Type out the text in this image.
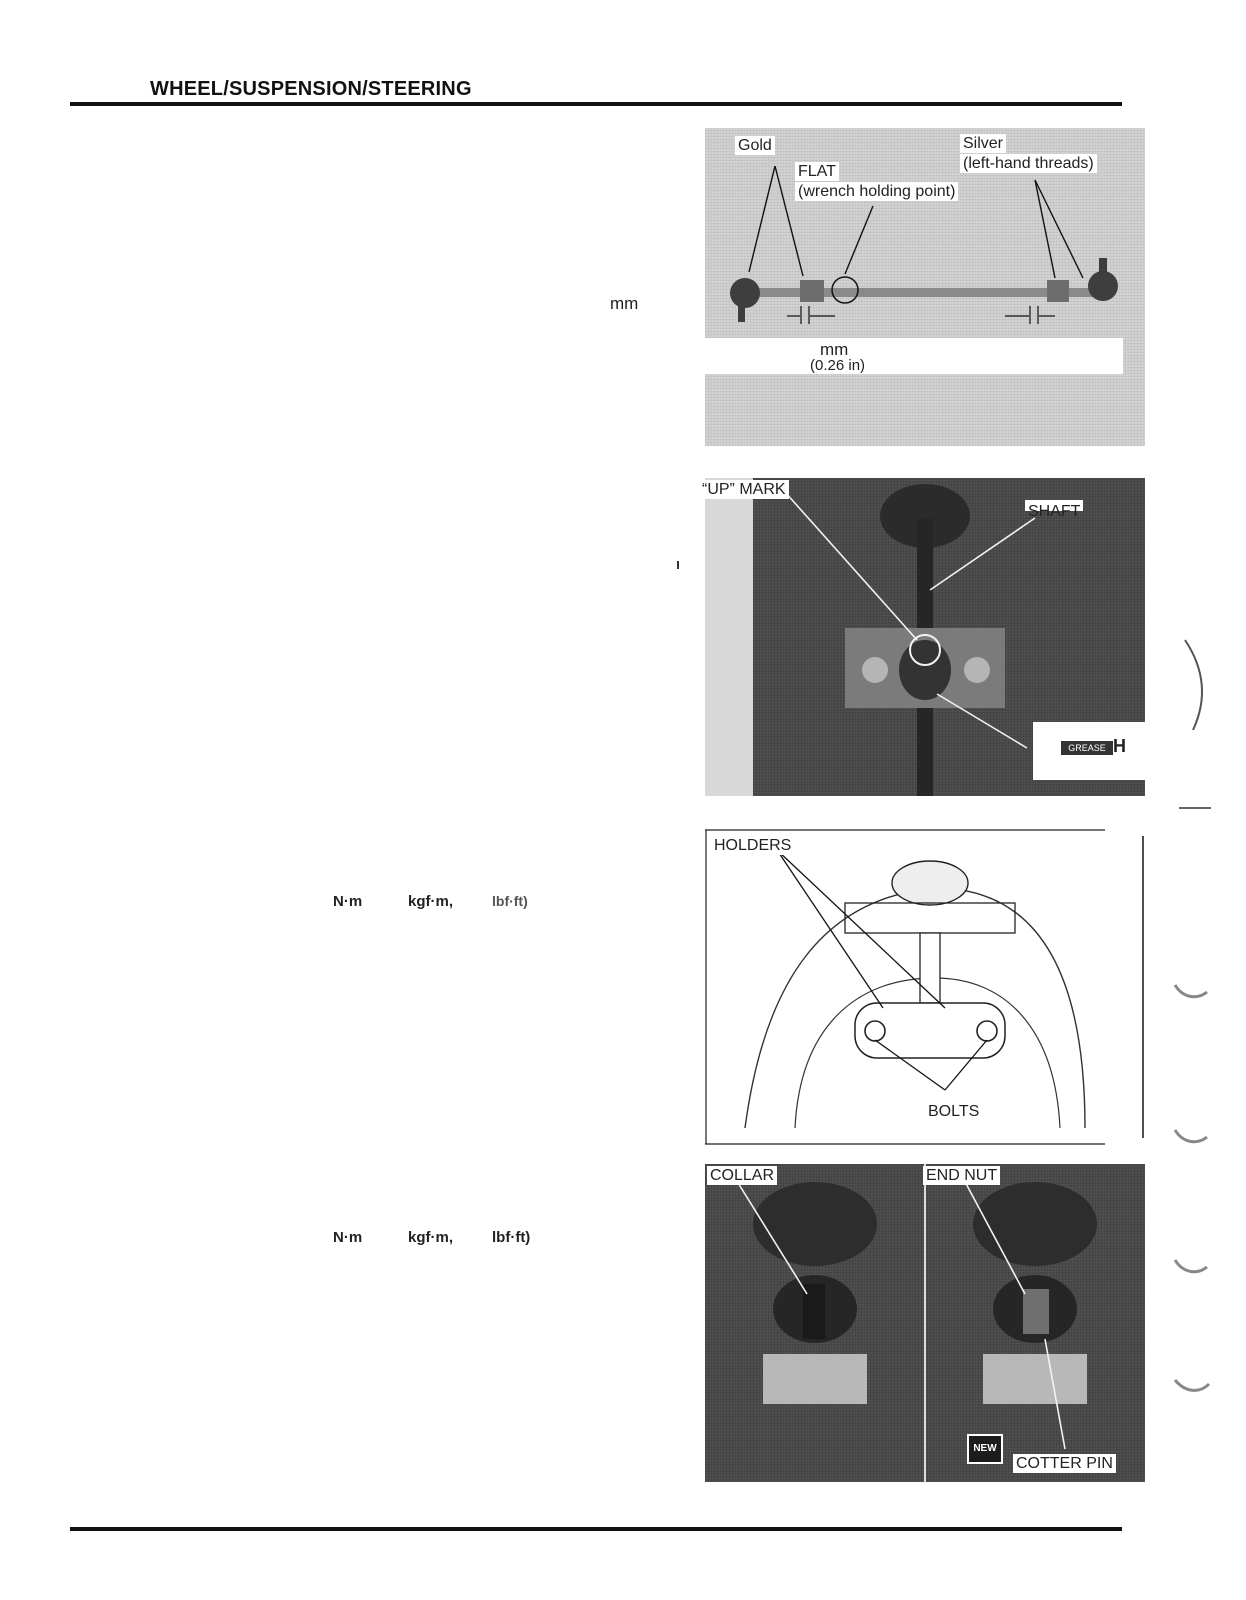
WHEEL/SUSPENSION/STEERING
mm
N·m	kgf·m,	lbf·ft)
N·m	kgf·m,	lbf·ft)
Gold	Silver
(left-hand threads)
FLAT
(wrench holding point)
mm
(0.26 in)
“UP” MARK
GREASE H
HOLDERS
BOLTS
COLLAR	END NUT
NEW
COTTER PIN
